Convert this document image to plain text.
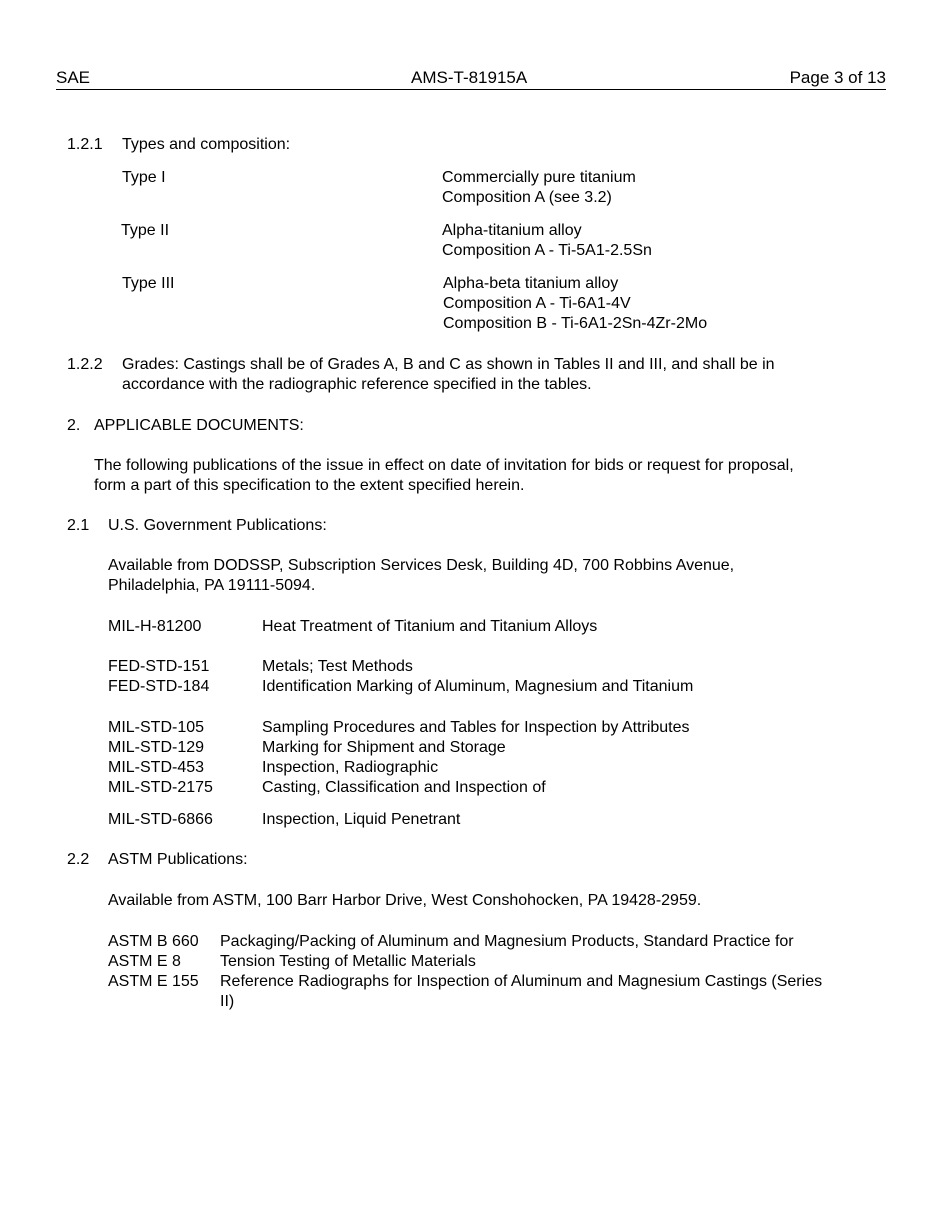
SAE	AMS-T-81915A	Page 3 of 13
1.2.1 Types and composition:
Type I	Commercially pure titanium
Composition A (see 3.2)
Type II	Alpha-titanium alloy
Composition A - Ti-5A1-2.5Sn
Type III	Alpha-beta titanium alloy
Composition A - Ti-6A1-4V
Composition B - Ti-6A1-2Sn-4Zr-2Mo
1.2.2 Grades: Castings shall be of Grades A, B and C as shown in Tables II and III, and shall be in
accordance with the radiographic reference specified in the tables.
2. APPLICABLE DOCUMENTS:
The following publications of the issue in effect on date of invitation for bids or request for proposal,
form a part of this specification to the extent specified herein.
2.1 U.S. Government Publications:
Available from DODSSP, Subscription Services Desk, Building 4D, 700 Robbins Avenue,
Philadelphia, PA 19111-5094.
MIL-H-81200	Heat Treatment of Titanium and Titanium Alloys
FED-STD-151	Metals; Test Methods
FED-STD-184	Identification Marking of Aluminum, Magnesium and Titanium
MIL-STD-105	Sampling Procedures and Tables for Inspection by Attributes
MIL-STD-129	Marking for Shipment and Storage
MIL-STD-453	Inspection, Radiographic
MIL-STD-2175	Casting, Classification and Inspection of
MIL-STD-6866	Inspection, Liquid Penetrant
2.2 ASTM Publications:
Available from ASTM, 100 Barr Harbor Drive, West Conshohocken, PA 19428-2959.
ASTM B 660 Packaging/Packing of Aluminum and Magnesium Products, Standard Practice for
ASTM E 8 Tension Testing of Metallic Materials
ASTM E 155 Reference Radiographs for Inspection of Aluminum and Magnesium Castings (Series
II)
